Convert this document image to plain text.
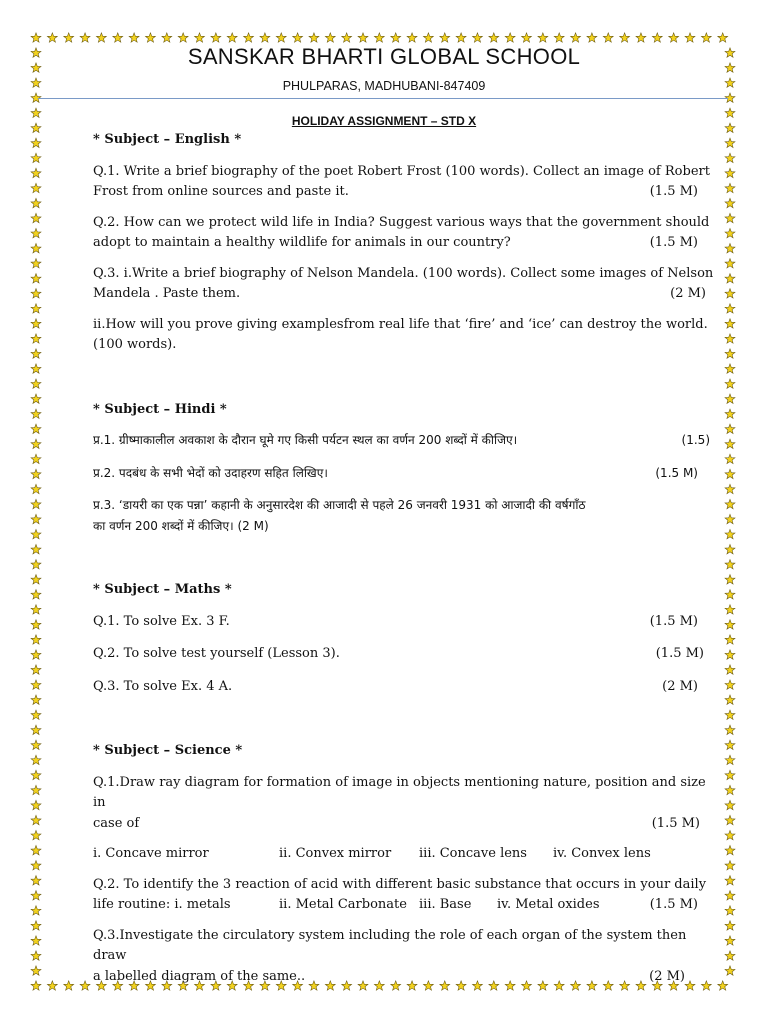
SANSKAR BHARTI GLOBAL SCHOOL
PHULPARAS, MADHUBANI-847409
HOLIDAY ASSIGNMENT – STD X

* Subject – English *

Q.1. Write a brief biography of the poet Robert Frost (100 words). Collect an image of Robert
Frost from online sources and paste it.	(1.5 M)
Q.2. How can we protect wild life in India? Suggest various ways that the government should
adopt to maintain a healthy wildlife for animals in our country?	(1.5 M)
Q.3. i.Write a brief biography of Nelson Mandela. (100 words). Collect some images of Nelson
Mandela . Paste them.	(2 M)
ii.How will you prove giving examplesfrom real life that ‘fire’ and ‘ice’ can destroy the world.
(100 words).

* Subject – Hindi *

प्र.1. ग्रीष्माकालील अवकाश के दौरान घूमे गए किसी पर्यटन स्थल का वर्णन 200 शब्दों में कीजिए।	(1.5)
प्र.2. पदबंध के सभी भेदों को उदाहरण सहित लिखिए।	(1.5 M)
प्र.3. ‘डायरी का एक पन्ना’ कहानी के अनुसारदेश की आजादी से पहले 26 जनवरी 1931 को आजादी की वर्षगाँठ
का वर्णन 200 शब्दों में कीजिए। (2 M)

* Subject – Maths *

Q.1. To solve Ex. 3 F.	(1.5 M)
Q.2. To solve test yourself (Lesson 3).	(1.5 M)
Q.3. To solve Ex. 4 A.	(2 M)

* Subject – Science *

Q.1.Draw ray diagram for formation of image in objects mentioning nature, position and size in
case of	(1.5 M)
i. Concave mirror	ii. Convex mirror	iii. Concave lens	iv. Convex lens
Q.2. To identify the 3 reaction of acid with different basic substance that occurs in your daily
life routine: i. metals	ii. Metal Carbonate iii. Base	iv. Metal oxides	(1.5 M)
Q.3.Investigate the circulatory system including the role of each organ of the system then draw
a labelled diagram of the same..	(2 M)
